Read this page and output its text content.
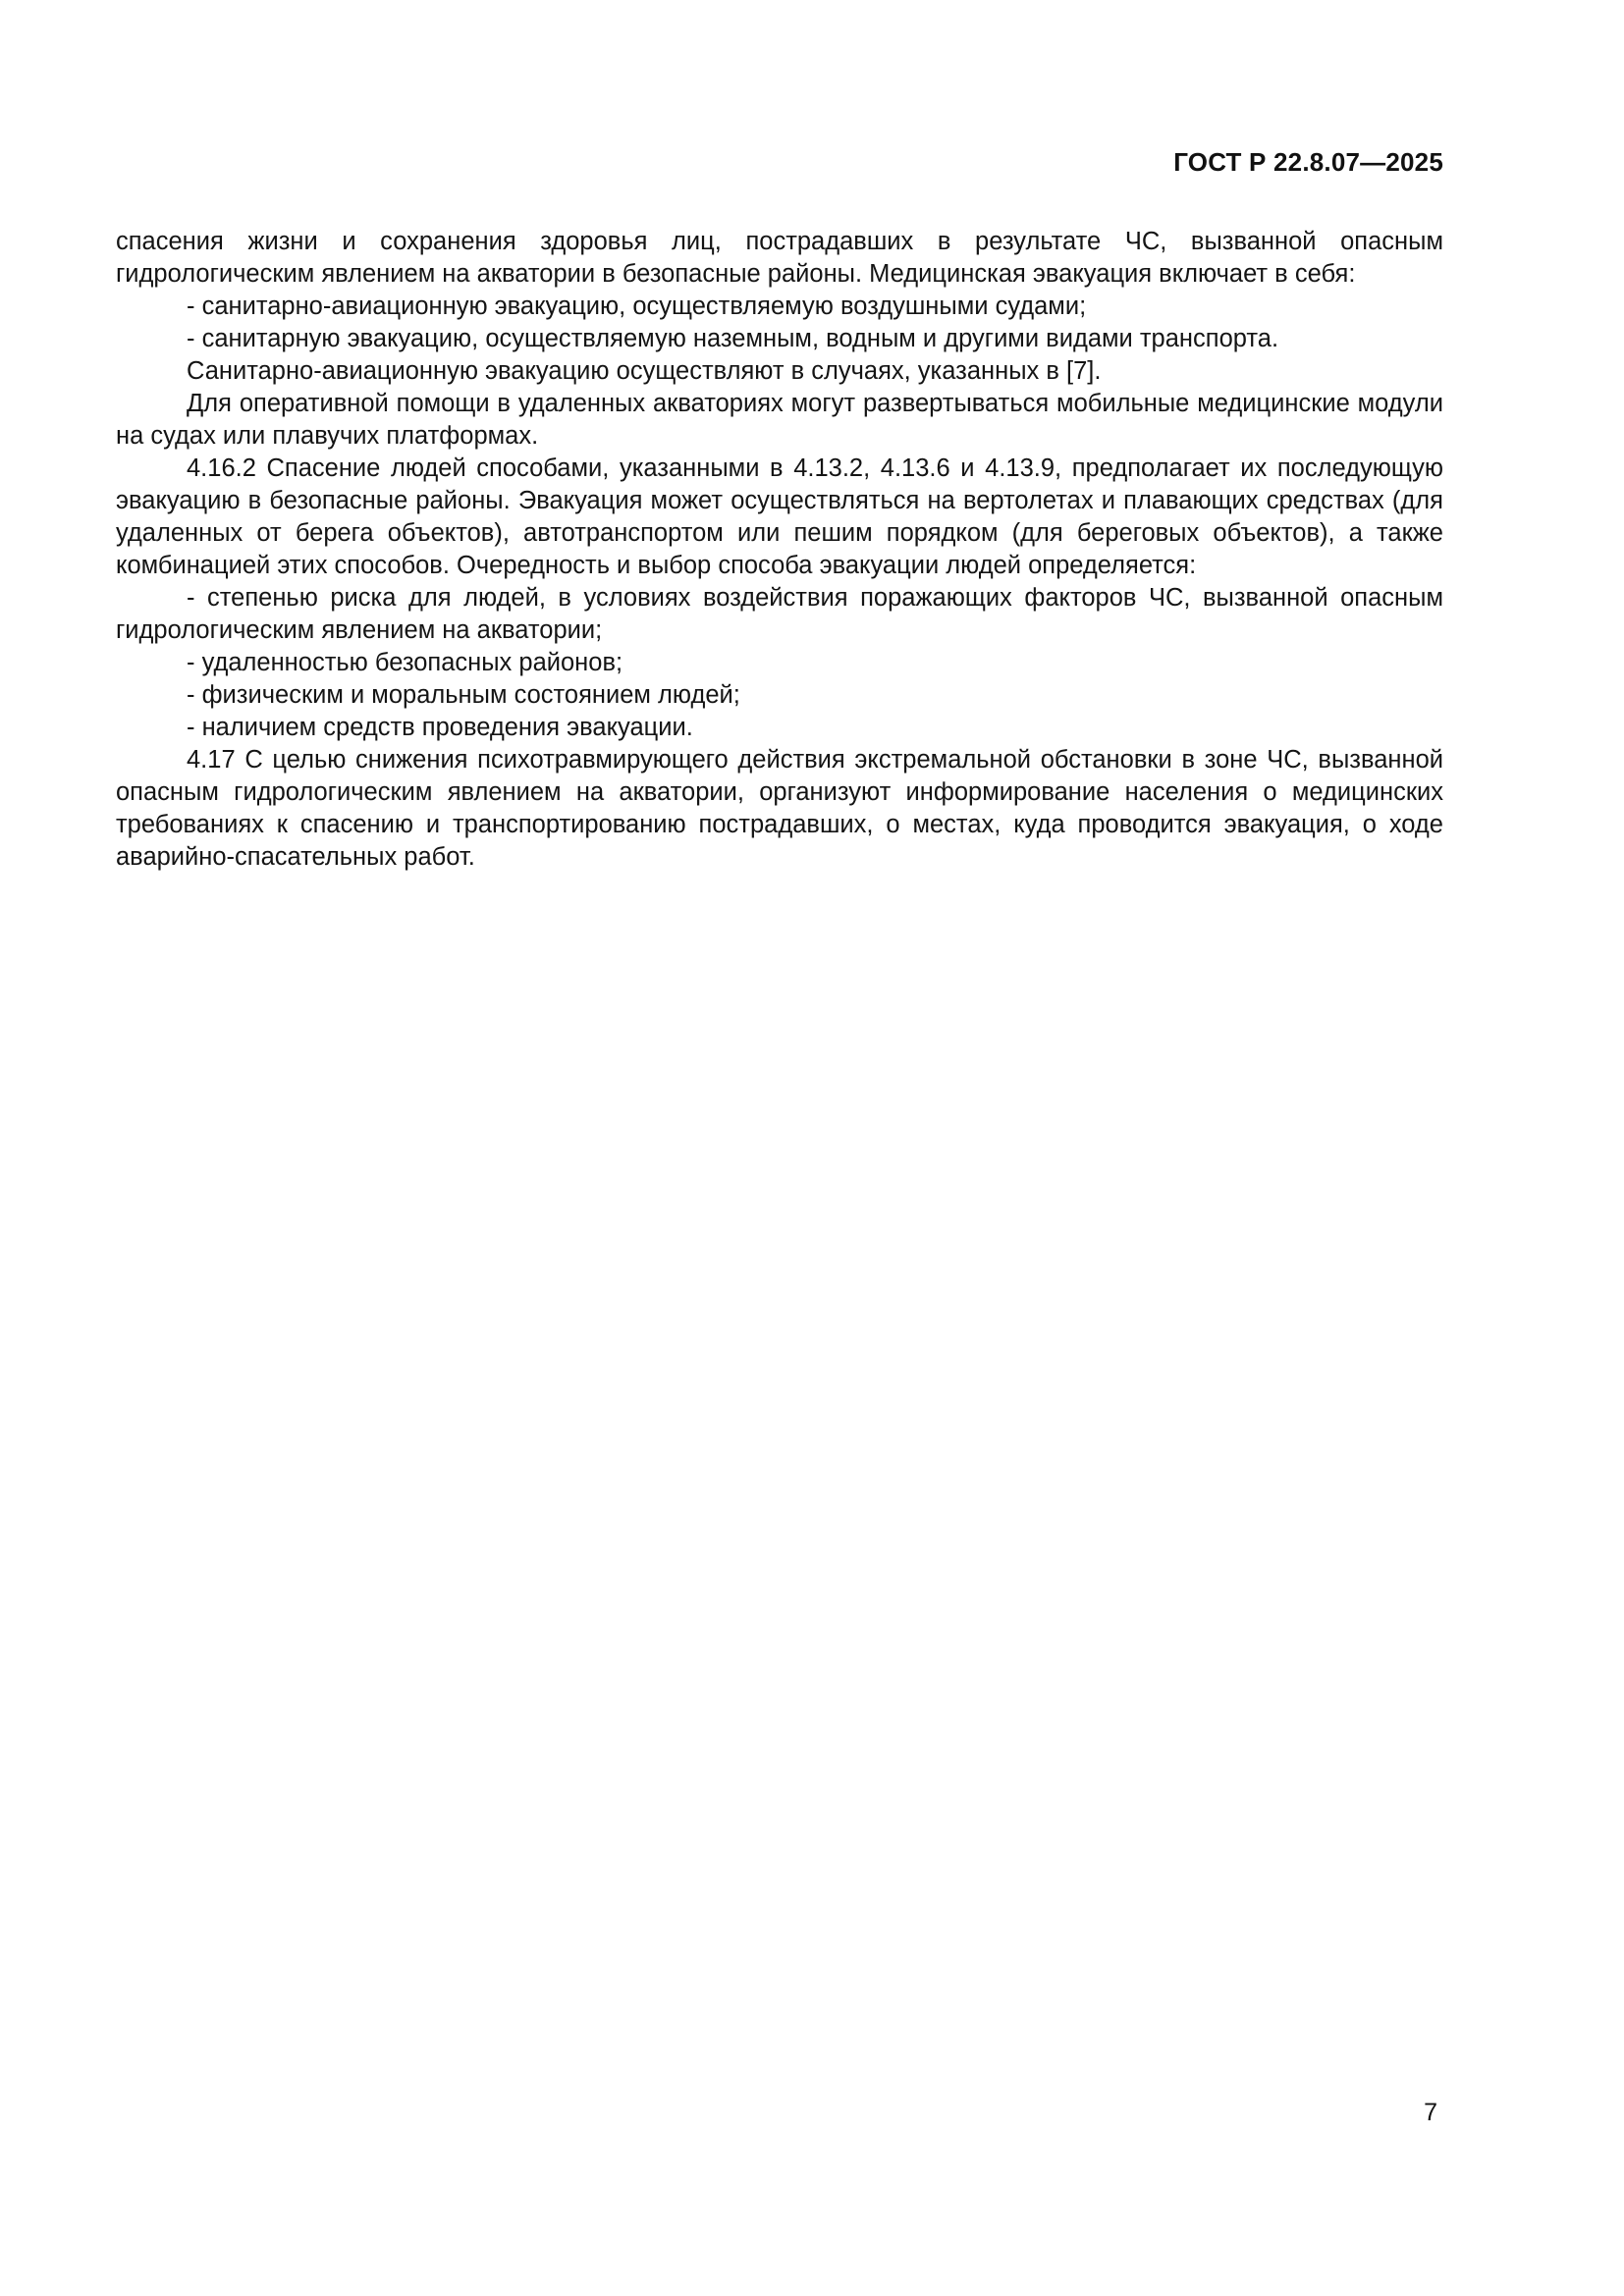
ГОСТ Р 22.8.07—2025

спасения жизни и сохранения здоровья лиц, пострадавших в результате ЧС, вызванной опасным гидрологическим явлением на акватории в безопасные районы. Медицинская эвакуация включает в себя:

- санитарно-авиационную эвакуацию, осуществляемую воздушными судами;

- санитарную эвакуацию, осуществляемую наземным, водным и другими видами транспорта.

Санитарно-авиационную эвакуацию осуществляют в случаях, указанных в [7].

Для оперативной помощи в удаленных акваториях могут развертываться мобильные медицинские модули на судах или плавучих платформах.

4.16.2 Спасение людей способами, указанными в 4.13.2, 4.13.6 и 4.13.9, предполагает их последующую эвакуацию в безопасные районы. Эвакуация может осуществляться на вертолетах и плавающих средствах (для удаленных от берега объектов), автотранспортом или пешим порядком (для береговых объектов), а также комбинацией этих способов. Очередность и выбор способа эвакуации людей определяется:

- степенью риска для людей, в условиях воздействия поражающих факторов ЧС, вызванной опасным гидрологическим явлением на акватории;

- удаленностью безопасных районов;

- физическим и моральным состоянием людей;

- наличием средств проведения эвакуации.

4.17 С целью снижения психотравмирующего действия экстремальной обстановки в зоне ЧС, вызванной опасным гидрологическим явлением на акватории, организуют информирование населения о медицинских требованиях к спасению и транспортированию пострадавших, о местах, куда проводится эвакуация, о ходе аварийно-спасательных работ.

7
